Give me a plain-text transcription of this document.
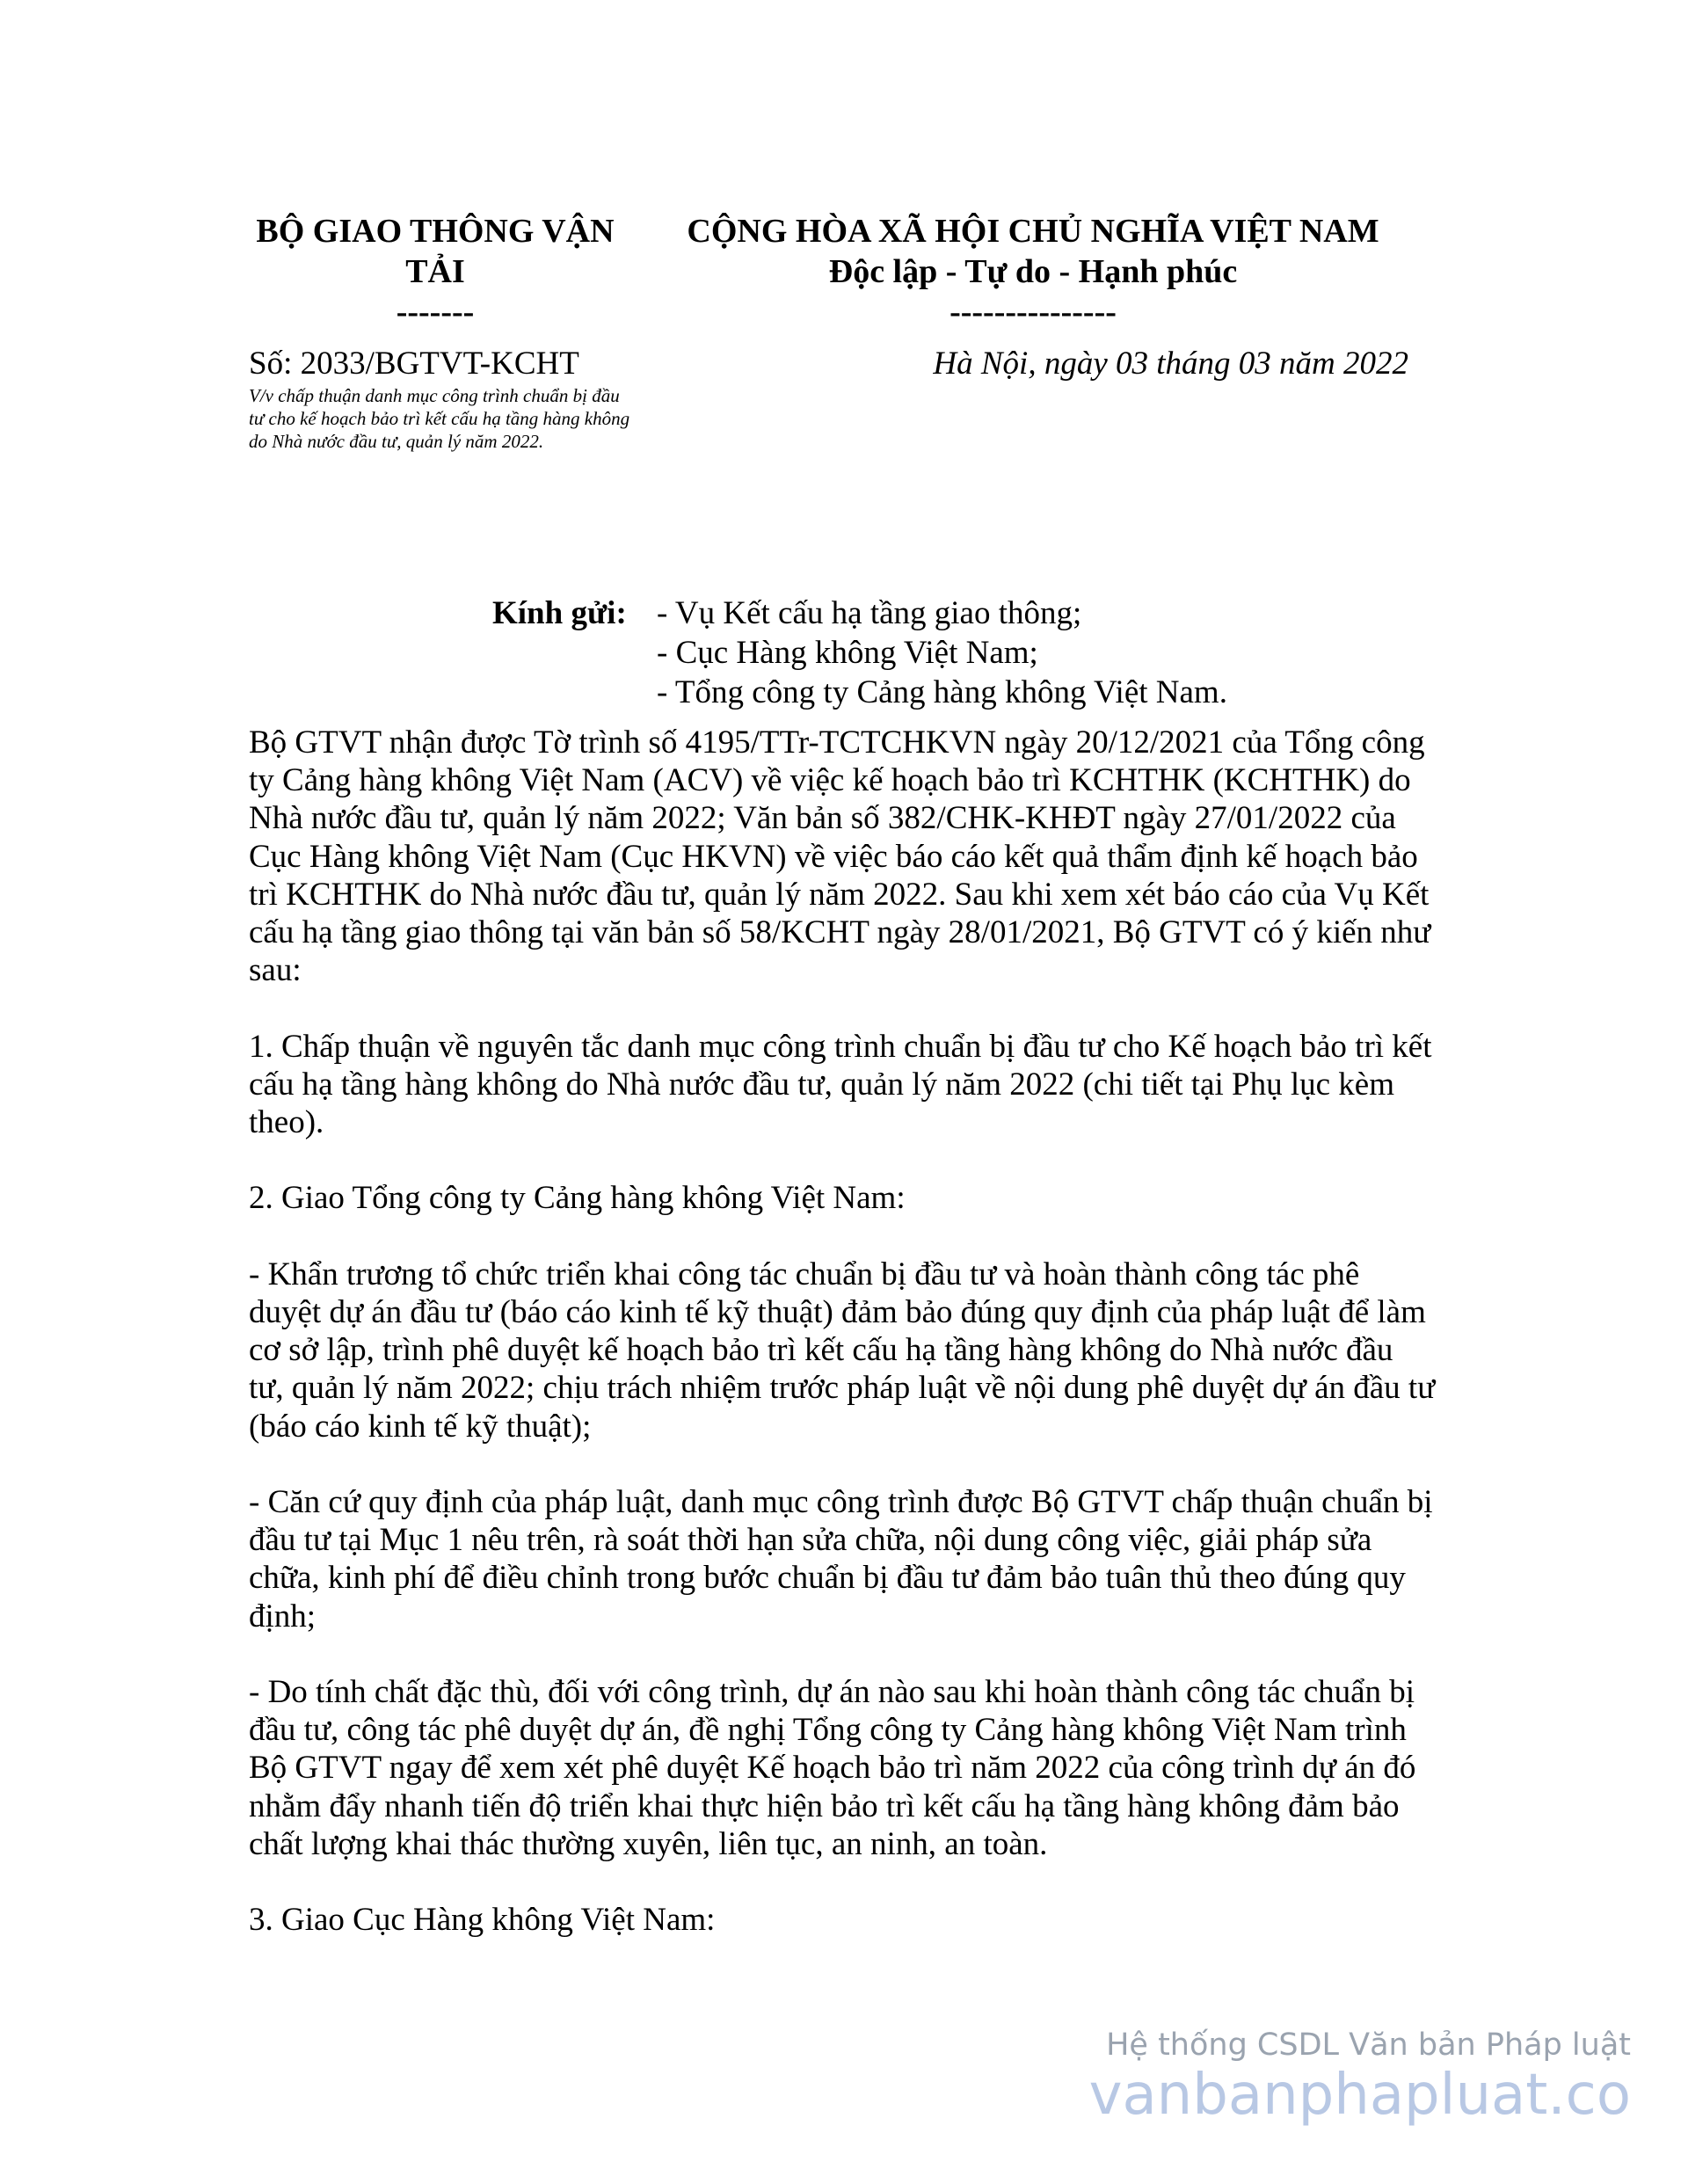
BỘ GIAO THÔNG VẬN
TẢI
-------
CỘNG HÒA XÃ HỘI CHỦ NGHĨA VIỆT NAM
Độc lập - Tự do - Hạnh phúc
---------------
Số: 2033/BGTVT-KCHT
V/v chấp thuận danh mục công trình chuẩn bị đầu tư cho kế hoạch bảo trì kết cấu hạ tầng hàng không do Nhà nước đầu tư, quản lý năm 2022.
Hà Nội, ngày 03 tháng 03 năm 2022
Kính gửi: - Vụ Kết cấu hạ tầng giao thông;
- Cục Hàng không Việt Nam;
- Tổng công ty Cảng hàng không Việt Nam.

Bộ GTVT nhận được Tờ trình số 4195/TTr-TCTCHKVN ngày 20/12/2021 của Tổng công ty Cảng hàng không Việt Nam (ACV) về việc kế hoạch bảo trì KCHTHK (KCHTHK) do Nhà nước đầu tư, quản lý năm 2022; Văn bản số 382/CHK-KHĐT ngày 27/01/2022 của Cục Hàng không Việt Nam (Cục HKVN) về việc báo cáo kết quả thẩm định kế hoạch bảo trì KCHTHK do Nhà nước đầu tư, quản lý năm 2022. Sau khi xem xét báo cáo của Vụ Kết cấu hạ tầng giao thông tại văn bản số 58/KCHT ngày 28/01/2021, Bộ GTVT có ý kiến như sau:

1. Chấp thuận về nguyên tắc danh mục công trình chuẩn bị đầu tư cho Kế hoạch bảo trì kết cấu hạ tầng hàng không do Nhà nước đầu tư, quản lý năm 2022 (chi tiết tại Phụ lục kèm theo).

2. Giao Tổng công ty Cảng hàng không Việt Nam:

- Khẩn trương tổ chức triển khai công tác chuẩn bị đầu tư và hoàn thành công tác phê duyệt dự án đầu tư (báo cáo kinh tế kỹ thuật) đảm bảo đúng quy định của pháp luật để làm cơ sở lập, trình phê duyệt kế hoạch bảo trì kết cấu hạ tầng hàng không do Nhà nước đầu tư, quản lý năm 2022; chịu trách nhiệm trước pháp luật về nội dung phê duyệt dự án đầu tư (báo cáo kinh tế kỹ thuật);

- Căn cứ quy định của pháp luật, danh mục công trình được Bộ GTVT chấp thuận chuẩn bị đầu tư tại Mục 1 nêu trên, rà soát thời hạn sửa chữa, nội dung công việc, giải pháp sửa chữa, kinh phí để điều chỉnh trong bước chuẩn bị đầu tư đảm bảo tuân thủ theo đúng quy định;

- Do tính chất đặc thù, đối với công trình, dự án nào sau khi hoàn thành công tác chuẩn bị đầu tư, công tác phê duyệt dự án, đề nghị Tổng công ty Cảng hàng không Việt Nam trình Bộ GTVT ngay để xem xét phê duyệt Kế hoạch bảo trì năm 2022 của công trình dự án đó nhằm đẩy nhanh tiến độ triển khai thực hiện bảo trì kết cấu hạ tầng hàng không đảm bảo chất lượng khai thác thường xuyên, liên tục, an ninh, an toàn.

3. Giao Cục Hàng không Việt Nam:

Hệ thống CSDL Văn bản Pháp luật
vanbanphapluat.co
